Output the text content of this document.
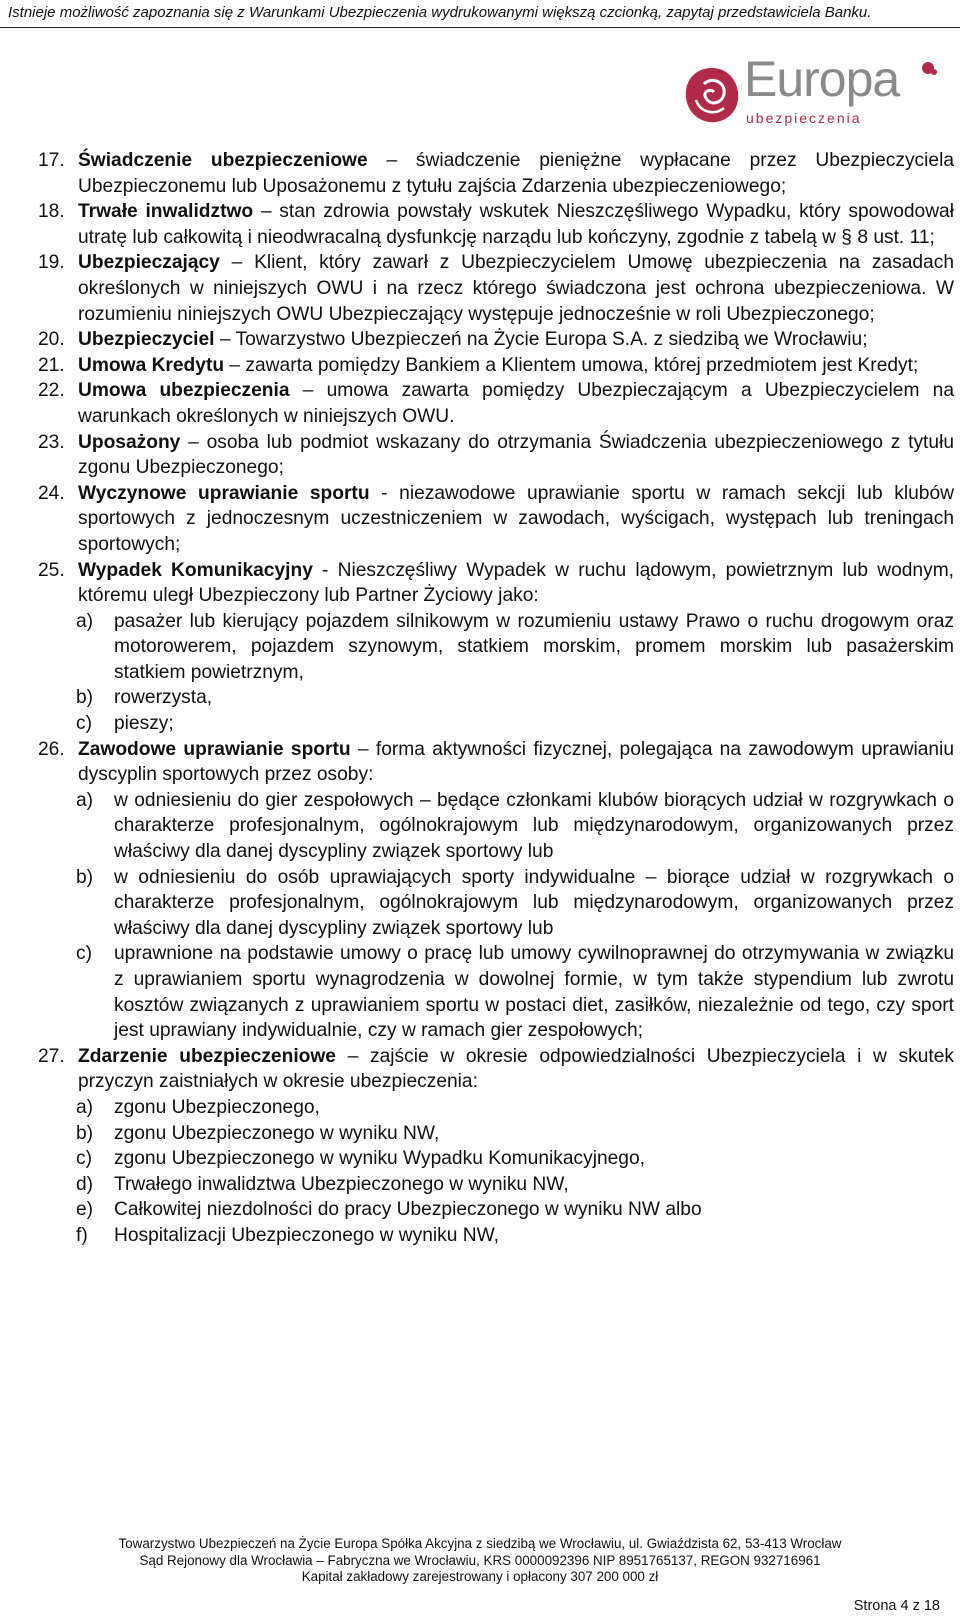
Istnieje możliwość zapoznania się z Warunkami Ubezpieczenia wydrukowanymi większą czcionką, zapytaj przedstawiciela Banku.
Europa
ubezpieczenia
17. Świadczenie ubezpieczeniowe – świadczenie pieniężne wypłacane przez Ubezpieczyciela Ubezpieczonemu lub Uposażonemu z tytułu zajścia Zdarzenia ubezpieczeniowego;
18. Trwałe inwalidztwo – stan zdrowia powstały wskutek Nieszczęśliwego Wypadku, który spowodował utratę lub całkowitą i nieodwracalną dysfunkcję narządu lub kończyny, zgodnie z tabelą w § 8 ust. 11;
19. Ubezpieczający – Klient, który zawarł z Ubezpieczycielem Umowę ubezpieczenia na zasadach określonych w niniejszych OWU i na rzecz którego świadczona jest ochrona ubezpieczeniowa. W rozumieniu niniejszych OWU Ubezpieczający występuje jednocześnie w roli Ubezpieczonego;
20. Ubezpieczyciel – Towarzystwo Ubezpieczeń na Życie Europa S.A. z siedzibą we Wrocławiu;
21. Umowa Kredytu – zawarta pomiędzy Bankiem a Klientem umowa, której przedmiotem jest Kredyt;
22. Umowa ubezpieczenia – umowa zawarta pomiędzy Ubezpieczającym a Ubezpieczycielem na warunkach określonych w niniejszych OWU.
23. Uposażony – osoba lub podmiot wskazany do otrzymania Świadczenia ubezpieczeniowego z tytułu zgonu Ubezpieczonego;
24. Wyczynowe uprawianie sportu - niezawodowe uprawianie sportu w ramach sekcji lub klubów sportowych z jednoczesnym uczestniczeniem w zawodach, wyścigach, występach lub treningach sportowych;
25. Wypadek Komunikacyjny - Nieszczęśliwy Wypadek w ruchu lądowym, powietrznym lub wodnym, któremu uległ Ubezpieczony lub Partner Życiowy jako:
a) pasażer lub kierujący pojazdem silnikowym w rozumieniu ustawy Prawo o ruchu drogowym oraz motorowerem, pojazdem szynowym, statkiem morskim, promem morskim lub pasażerskim statkiem powietrznym,
b) rowerzysta,
c) pieszy;
26. Zawodowe uprawianie sportu – forma aktywności fizycznej, polegająca na zawodowym uprawianiu dyscyplin sportowych przez osoby:
a) w odniesieniu do gier zespołowych – będące członkami klubów biorących udział w rozgrywkach o charakterze profesjonalnym, ogólnokrajowym lub międzynarodowym, organizowanych przez właściwy dla danej dyscypliny związek sportowy lub
b) w odniesieniu do osób uprawiających sporty indywidualne – biorące udział w rozgrywkach o charakterze profesjonalnym, ogólnokrajowym lub międzynarodowym, organizowanych przez właściwy dla danej dyscypliny związek sportowy lub
c) uprawnione na podstawie umowy o pracę lub umowy cywilnoprawnej do otrzymywania w związku z uprawianiem sportu wynagrodzenia w dowolnej formie, w tym także stypendium lub zwrotu kosztów związanych z uprawianiem sportu w postaci diet, zasiłków, niezależnie od tego, czy sport jest uprawiany indywidualnie, czy w ramach gier zespołowych;
27. Zdarzenie ubezpieczeniowe – zajście w okresie odpowiedzialności Ubezpieczyciela i w skutek przyczyn zaistniałych w okresie ubezpieczenia:
a) zgonu Ubezpieczonego,
b) zgonu Ubezpieczonego w wyniku NW,
c) zgonu Ubezpieczonego w wyniku Wypadku Komunikacyjnego,
d) Trwałego inwalidztwa Ubezpieczonego w wyniku NW,
e) Całkowitej niezdolności do pracy Ubezpieczonego w wyniku NW albo
f) Hospitalizacji Ubezpieczonego w wyniku NW,
Towarzystwo Ubezpieczeń na Życie Europa Spółka Akcyjna z siedzibą we Wrocławiu, ul. Gwiaździsta 62, 53-413 Wrocław
Sąd Rejonowy dla Wrocławia – Fabryczna we Wrocławiu, KRS 0000092396 NIP 8951765137, REGON 932716961
Kapitał zakładowy zarejestrowany i opłacony 307 200 000 zł
Strona 4 z 18
